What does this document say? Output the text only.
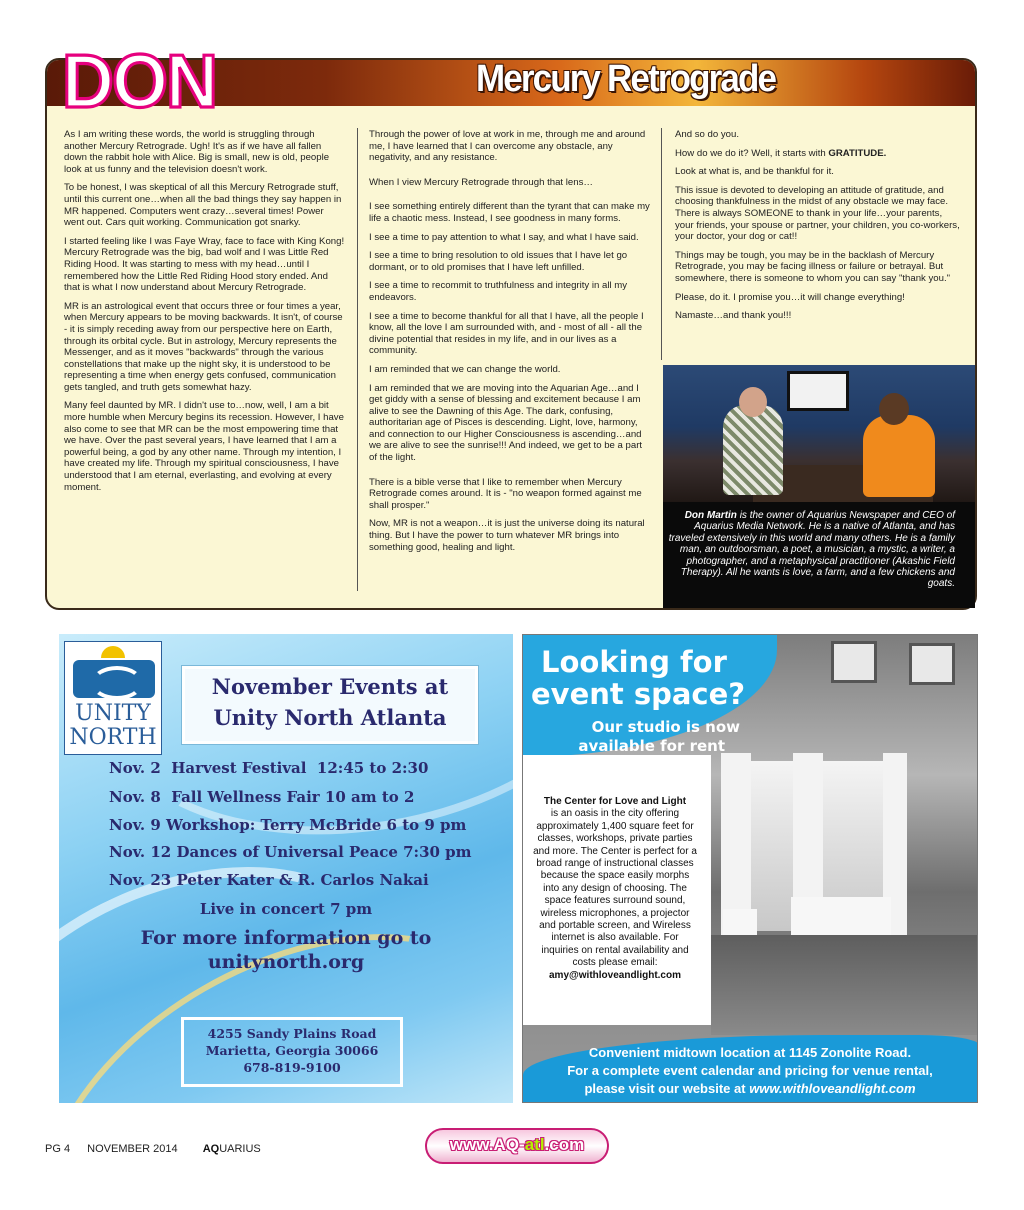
DON	Mercury Retrograde

As I am writing these words, the world is struggling through another Mercury Retrograde. Ugh! It's as if we have all fallen down the rabbit hole with Alice. Big is small, new is old, people look at us funny and the television doesn't work.

To be honest, I was skeptical of all this Mercury Retrograde stuff, until this current one…when all the bad things they say happen in MR happened. Computers went crazy…several times! Power went out. Cars quit working. Communication got snarky.

I started feeling like I was Faye Wray, face to face with King Kong! Mercury Retrograde was the big, bad wolf and I was Little Red Riding Hood. It was starting to mess with my head…until I remembered how the Little Red Riding Hood story ended. And that is what I now understand about Mercury Retrograde.

MR is an astrological event that occurs three or four times a year, when Mercury appears to be moving backwards. It isn't, of course - it is simply receding away from our perspective here on Earth, through its orbital cycle. But in astrology, Mercury represents the Messenger, and as it moves "backwards" through the various constellations that make up the night sky, it is understood to be representing a time when energy gets confused, communication gets tangled, and truth gets somewhat hazy.

Many feel daunted by MR. I didn't use to…now, well, I am a bit more humble when Mercury begins its recession. However, I have also come to see that MR can be the most empowering time that we have. Over the past several years, I have learned that I am a powerful being, a god by any other name. Through my intention, I have created my life. Through my spiritual consciousness, I have understood that I am eternal, everlasting, and evolving at every moment.

Through the power of love at work in me, through me and around me, I have learned that I can overcome any obstacle, any negativity, and any resistance.

When I view Mercury Retrograde through that lens…

I see something entirely different than the tyrant that can make my life a chaotic mess. Instead, I see goodness in many forms.

I see a time to pay attention to what I say, and what I have said.

I see a time to bring resolution to old issues that I have let go dormant, or to old promises that I have left unfilled.

I see a time to recommit to truthfulness and integrity in all my endeavors.

I see a time to become thankful for all that I have, all the people I know, all the love I am surrounded with, and - most of all - all the divine potential that resides in my life, and in our lives as a community.

I am reminded that we can change the world.

I am reminded that we are moving into the Aquarian Age…and I get giddy with a sense of blessing and excitement because I am alive to see the Dawning of this Age. The dark, confusing, authoritarian age of Pisces is descending. Light, love, harmony, and connection to our Higher Consciousness is ascending…and we are alive to see the sunrise!!! And indeed, we get to be a part of the light.

There is a bible verse that I like to remember when Mercury Retrograde comes around. It is - "no weapon formed against me shall prosper."

Now, MR is not a weapon…it is just the universe doing its natural thing. But I have the power to turn whatever MR brings into something good, healing and light.

And so do you.

How do we do it? Well, it starts with GRATITUDE.

Look at what is, and be thankful for it.

This issue is devoted to developing an attitude of gratitude, and choosing thankfulness in the midst of any obstacle we may face. There is always SOMEONE to thank in your life…your parents, your friends, your spouse or partner, your children, you co-workers, your doctor, your dog or cat!!

Things may be tough, you may be in the backlash of Mercury Retrograde, you may be facing illness or failure or betrayal. But somewhere, there is someone to whom you can say "thank you."

Please, do it. I promise you…it will change everything!

Namaste…and thank you!!!

Don Martin is the owner of Aquarius Newspaper and CEO of Aquarius Media Network. He is a native of Atlanta, and has traveled extensively in this world and many others. He is a family man, an outdoorsman, a poet, a musician, a mystic, a writer, a photographer, and a metaphysical practitioner (Akashic Field Therapy). All he wants is love, a farm, and a few chickens and goats.
UNITY
NORTH
November Events at
Unity North Atlanta
Nov. 2  Harvest Festival  12:45 to 2:30
Nov. 8  Fall Wellness Fair 10 am to 2
Nov. 9 Workshop: Terry McBride 6 to 9 pm
Nov. 12 Dances of Universal Peace 7:30 pm
Nov. 23 Peter Kater & R. Carlos Nakai
Live in concert 7 pm
For more information go to
unitynorth.org
4255 Sandy Plains Road
Marietta, Georgia 30066
678-819-9100
Looking for
event space?
Our studio is now
available for rent
The Center for Love and Light
is an oasis in the city offering approximately 1,400 square feet for classes, workshops, private parties and more. The Center is perfect for a broad range of instructional classes because the space easily morphs into any design of choosing. The space features surround sound, wireless microphones, a projector and portable screen, and Wireless internet is also available. For inquiries on rental availability and costs please email:
amy@withloveandlight.com
Convenient midtown location at 1145 Zonolite Road.
For a complete event calendar and pricing for venue rental,
please visit our website at www.withloveandlight.com
PG 4 NOVEMBER 2014 AQUARIUS	www.AQ-atl.com
